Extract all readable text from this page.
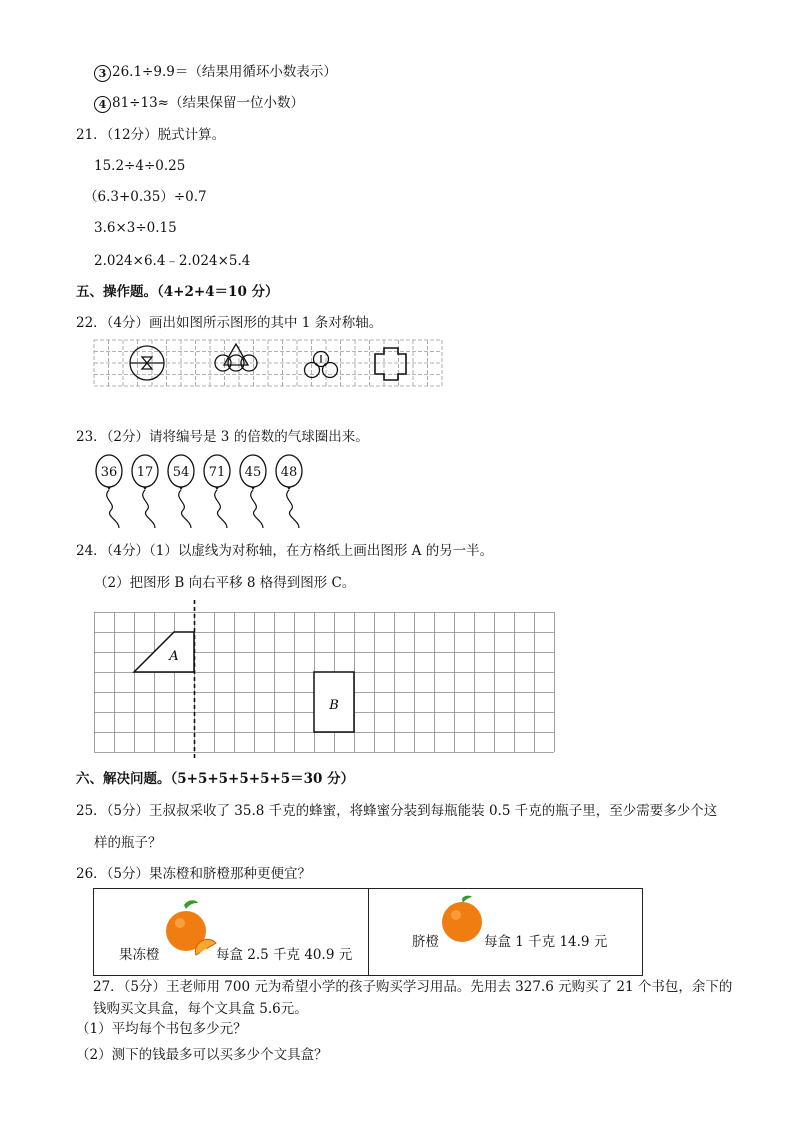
3 26.1÷9.9＝（结果用循环小数表示）
4 81÷13≈（结果保留一位小数）
21．（12分）脱式计算。
15.2÷4÷0.25
（6.3+0.35）÷0.7
3.6×3÷0.15
2.024×6.4﹣2.024×5.4
五、操作题。（4+2+4＝10 分）
22．（4分）画出如图所示图形的其中 1 条对称轴。
23．（2分）请将编号是 3 的倍数的气球圈出来。
36 17 54 71 45 48
24．（4分）（1）以虚线为对称轴，在方格纸上画出图形 A 的另一半。
（2）把图形 B 向右平移 8 格得到图形 C。
A
B
六、解决问题。（5+5+5+5+5+5＝30 分）
25．（5分）王叔叔采收了 35.8 千克的蜂蜜，将蜂蜜分装到每瓶能装 0.5 千克的瓶子里，至少需要多少个这
样的瓶子？
26．（5分）果冻橙和脐橙那种更便宜？
果冻橙	每盒 2.5 千克 40.9 元
脐橙	每盒 1 千克 14.9 元
27．（5分）王老师用 700 元为希望小学的孩子购买学习用品。先用去 327.6 元购买了 21 个书包，余下的
钱购买文具盒，每个文具盒 5.6元。
（1）平均每个书包多少元？
（2）测下的钱最多可以买多少个文具盒？
